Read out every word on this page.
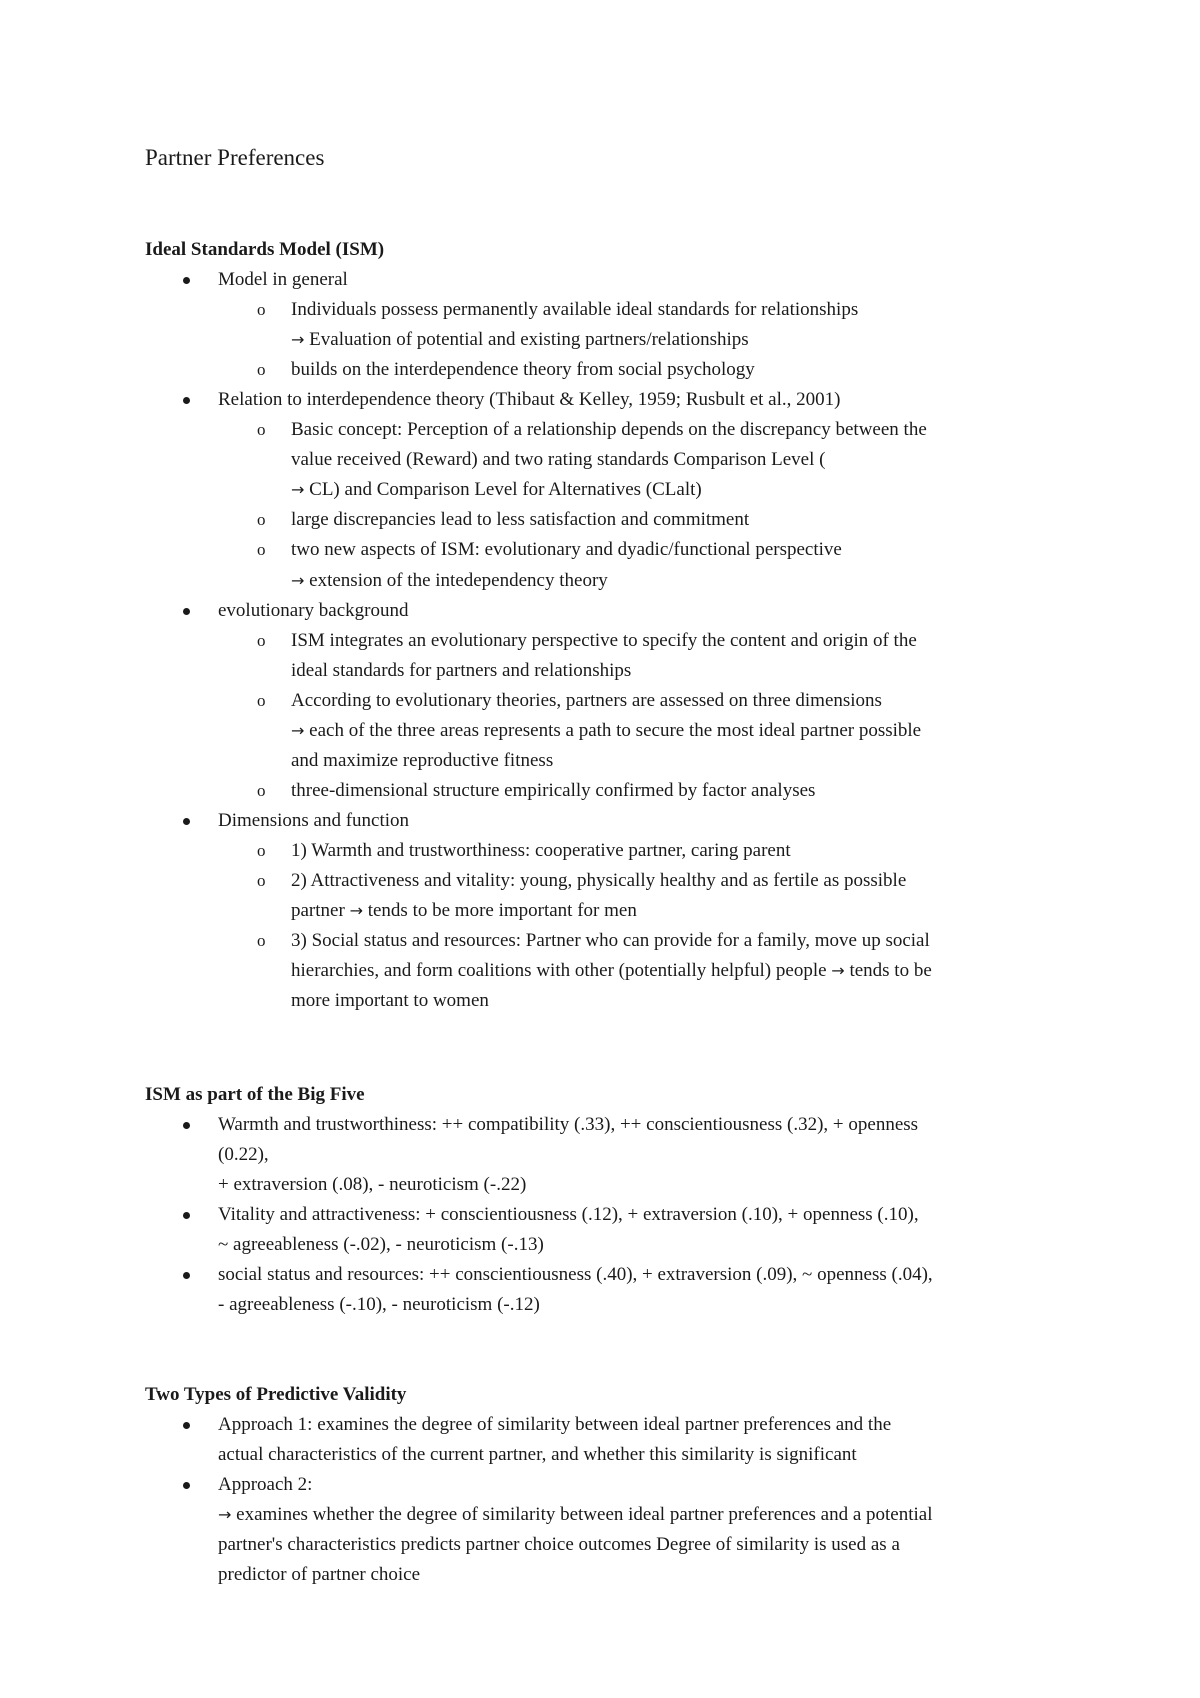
Partner Preferences
Ideal Standards Model (ISM)

Model in general

o Individuals possess permanently available ideal standards for relationships

→ Evaluation of potential and existing partners/relationships

o builds on the interdependence theory from social psychology

Relation to interdependence theory (Thibaut & Kelley, 1959; Rusbult et al., 2001)

o Basic concept: Perception of a relationship depends on the discrepancy between the

value received (Reward) and two rating standards Comparison Level (

→ CL) and Comparison Level for Alternatives (CLalt)

o large discrepancies lead to less satisfaction and commitment

o two new aspects of ISM: evolutionary and dyadic/functional perspective

→ extension of the intedependency theory

evolutionary background

o ISM integrates an evolutionary perspective to specify the content and origin of the

ideal standards for partners and relationships

o According to evolutionary theories, partners are assessed on three dimensions

→ each of the three areas represents a path to secure the most ideal partner possible

and maximize reproductive fitness

o three-dimensional structure empirically confirmed by factor analyses

Dimensions and function

o 1) Warmth and trustworthiness: cooperative partner, caring parent

o 2) Attractiveness and vitality: young, physically healthy and as fertile as possible

partner → tends to be more important for men

o 3) Social status and resources: Partner who can provide for a family, move up social

hierarchies, and form coalitions with other (potentially helpful) people → tends to be

more important to women

ISM as part of the Big Five

Warmth and trustworthiness: ++ compatibility (.33), ++ conscientiousness (.32), + openness

(0.22),

+ extraversion (.08), - neuroticism (-.22)

Vitality and attractiveness: + conscientiousness (.12), + extraversion (.10), + openness (.10),

~ agreeableness (-.02), - neuroticism (-.13)

social status and resources: ++ conscientiousness (.40), + extraversion (.09), ~ openness (.04),

- agreeableness (-.10), - neuroticism (-.12)

Two Types of Predictive Validity

Approach 1: examines the degree of similarity between ideal partner preferences and the

actual characteristics of the current partner, and whether this similarity is significant

Approach 2:

→ examines whether the degree of similarity between ideal partner preferences and a potential

partner's characteristics predicts partner choice outcomes Degree of similarity is used as a

predictor of partner choice
